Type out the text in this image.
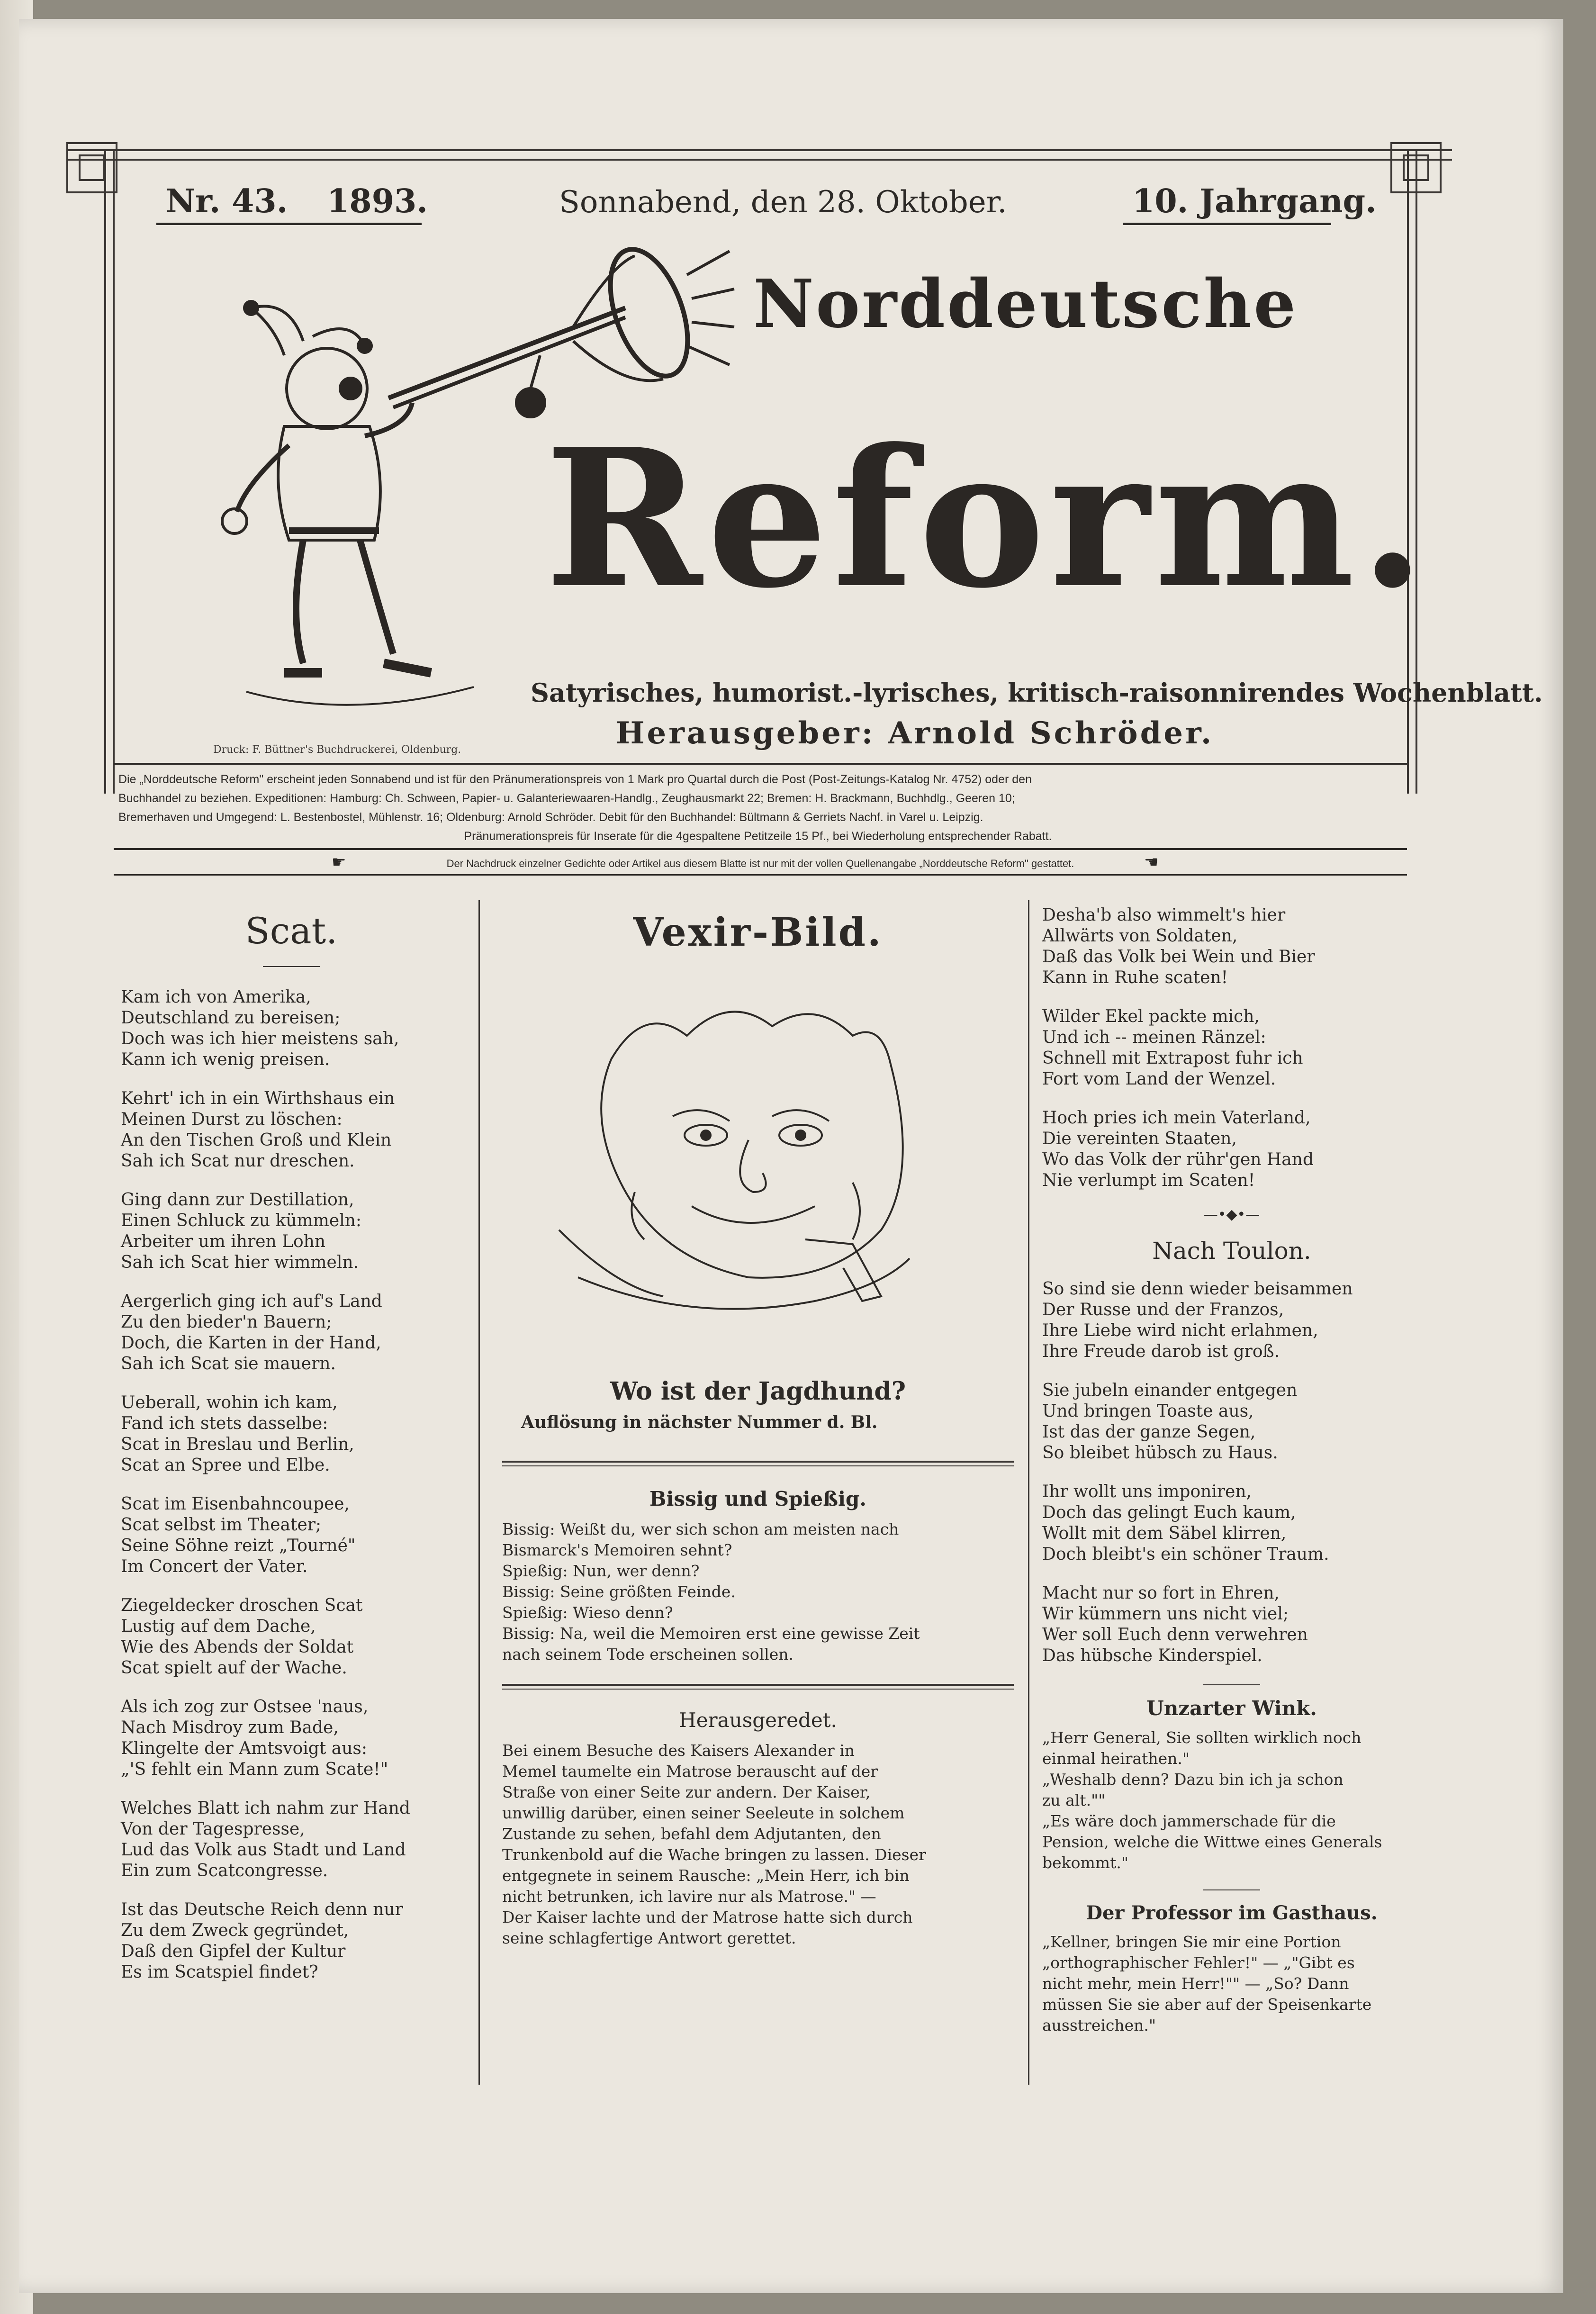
Nr. 43. 1893.	Sonnabend, den 28. Oktober.	10. Jahrgang.
Norddeutsche
Reform.
Satyrisches, humorist.-lyrisches, kritisch-raisonnirendes Wochenblatt.
Herausgeber: Arnold Schröder.
Druck: F. Büttner's Buchdruckerei, Oldenburg.
Die „Norddeutsche Reform" erscheint jeden Sonnabend und ist für den Pränumerationspreis von 1 Mark pro Quartal durch die Post (Post-Zeitungs-Katalog Nr. 4752) oder den
Buchhandel zu beziehen. Expeditionen: Hamburg: Ch. Schween, Papier- u. Galanteriewaaren-Handlg., Zeughausmarkt 22; Bremen: H. Brackmann, Buchhdlg., Geeren 10;
Bremerhaven und Umgegend: L. Bestenbostel, Mühlenstr. 16; Oldenburg: Arnold Schröder. Debit für den Buchhandel: Bültmann & Gerriets Nachf. in Varel u. Leipzig.
Pränumerationspreis für Inserate für die 4gespaltene Petitzeile 15 Pf., bei Wiederholung entsprechender Rabatt.
☛	Der Nachdruck einzelner Gedichte oder Artikel aus diesem Blatte ist nur mit der vollen Quellenangabe „Norddeutsche Reform" gestattet.	☚
Scat.
Kam ich von Amerika,
Deutschland zu bereisen;
Doch was ich hier meistens sah,
Kann ich wenig preisen.
Kehrt' ich in ein Wirthshaus ein
Meinen Durst zu löschen:
An den Tischen Groß und Klein
Sah ich Scat nur dreschen.
Ging dann zur Destillation,
Einen Schluck zu kümmeln:
Arbeiter um ihren Lohn
Sah ich Scat hier wimmeln.
Aergerlich ging ich auf's Land
Zu den bieder'n Bauern;
Doch, die Karten in der Hand,
Sah ich Scat sie mauern.
Ueberall, wohin ich kam,
Fand ich stets dasselbe:
Scat in Breslau und Berlin,
Scat an Spree und Elbe.
Scat im Eisenbahncoupee,
Scat selbst im Theater;
Seine Söhne reizt „Tourné"
Im Concert der Vater.
Ziegeldecker droschen Scat
Lustig auf dem Dache,
Wie des Abends der Soldat
Scat spielt auf der Wache.
Als ich zog zur Ostsee 'naus,
Nach Misdroy zum Bade,
Klingelte der Amtsvoigt aus:
„'S fehlt ein Mann zum Scate!"
Welches Blatt ich nahm zur Hand
Von der Tagespresse,
Lud das Volk aus Stadt und Land
Ein zum Scatcongresse.
Ist das Deutsche Reich denn nur
Zu dem Zweck gegründet,
Daß den Gipfel der Kultur
Es im Scatspiel findet?
Vexir-Bild.
Wo ist der Jagdhund?
Auflösung in nächster Nummer d. Bl.
Bissig und Spießig.
Bissig: Weißt du, wer sich schon am meisten nach
Bismarck's Memoiren sehnt?
Spießig: Nun, wer denn?
Bissig: Seine größten Feinde.
Spießig: Wieso denn?
Bissig: Na, weil die Memoiren erst eine gewisse Zeit
nach seinem Tode erscheinen sollen.
Herausgeredet.
Bei einem Besuche des Kaisers Alexander in
Memel taumelte ein Matrose berauscht auf der
Straße von einer Seite zur andern. Der Kaiser,
unwillig darüber, einen seiner Seeleute in solchem
Zustande zu sehen, befahl dem Adjutanten, den
Trunkenbold auf die Wache bringen zu lassen. Dieser
entgegnete in seinem Rausche: „Mein Herr, ich bin
nicht betrunken, ich lavire nur als Matrose." —
Der Kaiser lachte und der Matrose hatte sich durch
seine schlagfertige Antwort gerettet.
Desha'b also wimmelt's hier
Allwärts von Soldaten,
Daß das Volk bei Wein und Bier
Kann in Ruhe scaten!
Wilder Ekel packte mich,
Und ich -- meinen Ränzel:
Schnell mit Extrapost fuhr ich
Fort vom Land der Wenzel.
Hoch pries ich mein Vaterland,
Die vereinten Staaten,
Wo das Volk der rühr'gen Hand
Nie verlumpt im Scaten!
—•◆•—
Nach Toulon.
So sind sie denn wieder beisammen
Der Russe und der Franzos,
Ihre Liebe wird nicht erlahmen,
Ihre Freude darob ist groß.
Sie jubeln einander entgegen
Und bringen Toaste aus,
Ist das der ganze Segen,
So bleibet hübsch zu Haus.
Ihr wollt uns imponiren,
Doch das gelingt Euch kaum,
Wollt mit dem Säbel klirren,
Doch bleibt's ein schöner Traum.
Macht nur so fort in Ehren,
Wir kümmern uns nicht viel;
Wer soll Euch denn verwehren
Das hübsche Kinderspiel.
Unzarter Wink.
„Herr General, Sie sollten wirklich noch
einmal heirathen."
„Weshalb denn? Dazu bin ich ja schon
zu alt.""
„Es wäre doch jammerschade für die
Pension, welche die Wittwe eines Generals
bekommt."
Der Professor im Gasthaus.
„Kellner, bringen Sie mir eine Portion
„orthographischer Fehler!" — „"Gibt es
nicht mehr, mein Herr!"" — „So? Dann
müssen Sie sie aber auf der Speisenkarte
ausstreichen."
